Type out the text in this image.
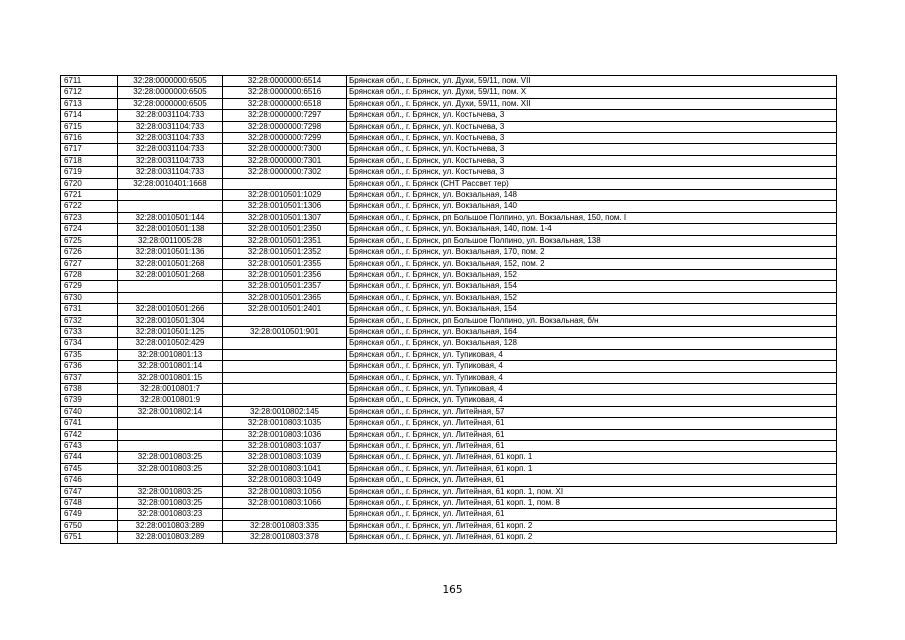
6711	32:28:0000000:6505	32:28:0000000:6514	Брянская обл., г. Брянск, ул. Духи, 59/11, пом. VII
6712	32:28:0000000:6505	32:28:0000000:6516	Брянская обл., г. Брянск, ул. Духи, 59/11, пом. X
6713	32:28:0000000:6505	32:28:0000000:6518	Брянская обл., г. Брянск, ул. Духи, 59/11, пом. XII
6714	32:28:0031104:733	32:28:0000000:7297	Брянская обл., г. Брянск, ул. Костычева, 3
6715	32:28:0031104:733	32:28:0000000:7298	Брянская обл., г. Брянск, ул. Костычева, 3
6716	32:28:0031104:733	32:28:0000000:7299	Брянская обл., г. Брянск, ул. Костычева, 3
6717	32:28:0031104:733	32:28:0000000:7300	Брянская обл., г. Брянск, ул. Костычева, 3
6718	32:28:0031104:733	32:28:0000000:7301	Брянская обл., г. Брянск, ул. Костычева, 3
6719	32:28:0031104:733	32:28:0000000:7302	Брянская обл., г. Брянск, ул. Костычева, 3
6720	32:28:0010401:1668		Брянская обл., г. Брянск (СНТ Рассвет тер)
6721		32:28:0010501:1029	Брянская обл., г. Брянск, ул. Вокзальная, 148
6722		32:28:0010501:1306	Брянская обл., г. Брянск, ул. Вокзальная, 140
6723	32:28:0010501:144	32:28:0010501:1307	Брянская обл., г. Брянск, рп Большое Полпино, ул. Вокзальная, 150, пом. I
6724	32:28:0010501:138	32:28:0010501:2350	Брянская обл., г. Брянск, ул. Вокзальная, 140, пом. 1-4
6725	32:28:0011005:28	32:28:0010501:2351	Брянская обл., г. Брянск, рп Большое Полпино, ул. Вокзальная, 138
6726	32:28:0010501:136	32:28:0010501:2352	Брянская обл., г. Брянск, ул. Вокзальная, 170, пом. 2
6727	32:28:0010501:268	32:28:0010501:2355	Брянская обл., г. Брянск, ул. Вокзальная, 152, пом. 2
6728	32:28:0010501:268	32:28:0010501:2356	Брянская обл., г. Брянск, ул. Вокзальная, 152
6729		32:28:0010501:2357	Брянская обл., г. Брянск, ул. Вокзальная, 154
6730		32:28:0010501:2365	Брянская обл., г. Брянск, ул. Вокзальная, 152
6731	32:28:0010501:266	32:28:0010501:2401	Брянская обл., г. Брянск, ул. Вокзальная, 154
6732	32:28:0010501:304		Брянская обл., г. Брянск, рп Большое Полпино, ул. Вокзальная, б/н
6733	32:28:0010501:125	32:28:0010501:901	Брянская обл., г. Брянск, ул. Вокзальная, 164
6734	32:28:0010502:429		Брянская обл., г. Брянск, ул. Вокзальная, 128
6735	32:28:0010801:13		Брянская обл., г. Брянск, ул. Тупиковая, 4
6736	32:28:0010801:14		Брянская обл., г. Брянск, ул. Тупиковая, 4
6737	32:28:0010801:15		Брянская обл., г. Брянск, ул. Тупиковая, 4
6738	32:28:0010801:7		Брянская обл., г. Брянск, ул. Тупиковая, 4
6739	32:28:0010801:9		Брянская обл., г. Брянск, ул. Тупиковая, 4
6740	32:28:0010802:14	32:28:0010802:145	Брянская обл., г. Брянск, ул. Литейная, 57
6741		32:28:0010803:1035	Брянская обл., г. Брянск, ул. Литейная, 61
6742		32:28:0010803:1036	Брянская обл., г. Брянск, ул. Литейная, 61
6743		32:28:0010803:1037	Брянская обл., г. Брянск, ул. Литейная, 61
6744	32:28:0010803:25	32:28:0010803:1039	Брянская обл., г. Брянск, ул. Литейная, 61 корп. 1
6745	32:28:0010803:25	32:28:0010803:1041	Брянская обл., г. Брянск, ул. Литейная, 61 корп. 1
6746		32:28:0010803:1049	Брянская обл., г. Брянск, ул. Литейная, 61
6747	32:28:0010803:25	32:28:0010803:1056	Брянская обл., г. Брянск, ул. Литейная, 61 корп. 1, пом. XI
6748	32:28:0010803:25	32:28:0010803:1066	Брянская обл., г. Брянск, ул. Литейная, 61 корп. 1, пом. 8
6749	32:28:0010803:23		Брянская обл., г. Брянск, ул. Литейная, 61
6750	32:28:0010803:289	32:28:0010803:335	Брянская обл., г. Брянск, ул. Литейная, 61 корп. 2
6751	32:28:0010803:289	32:28:0010803:378	Брянская обл., г. Брянск, ул. Литейная, 61 корп. 2
165
